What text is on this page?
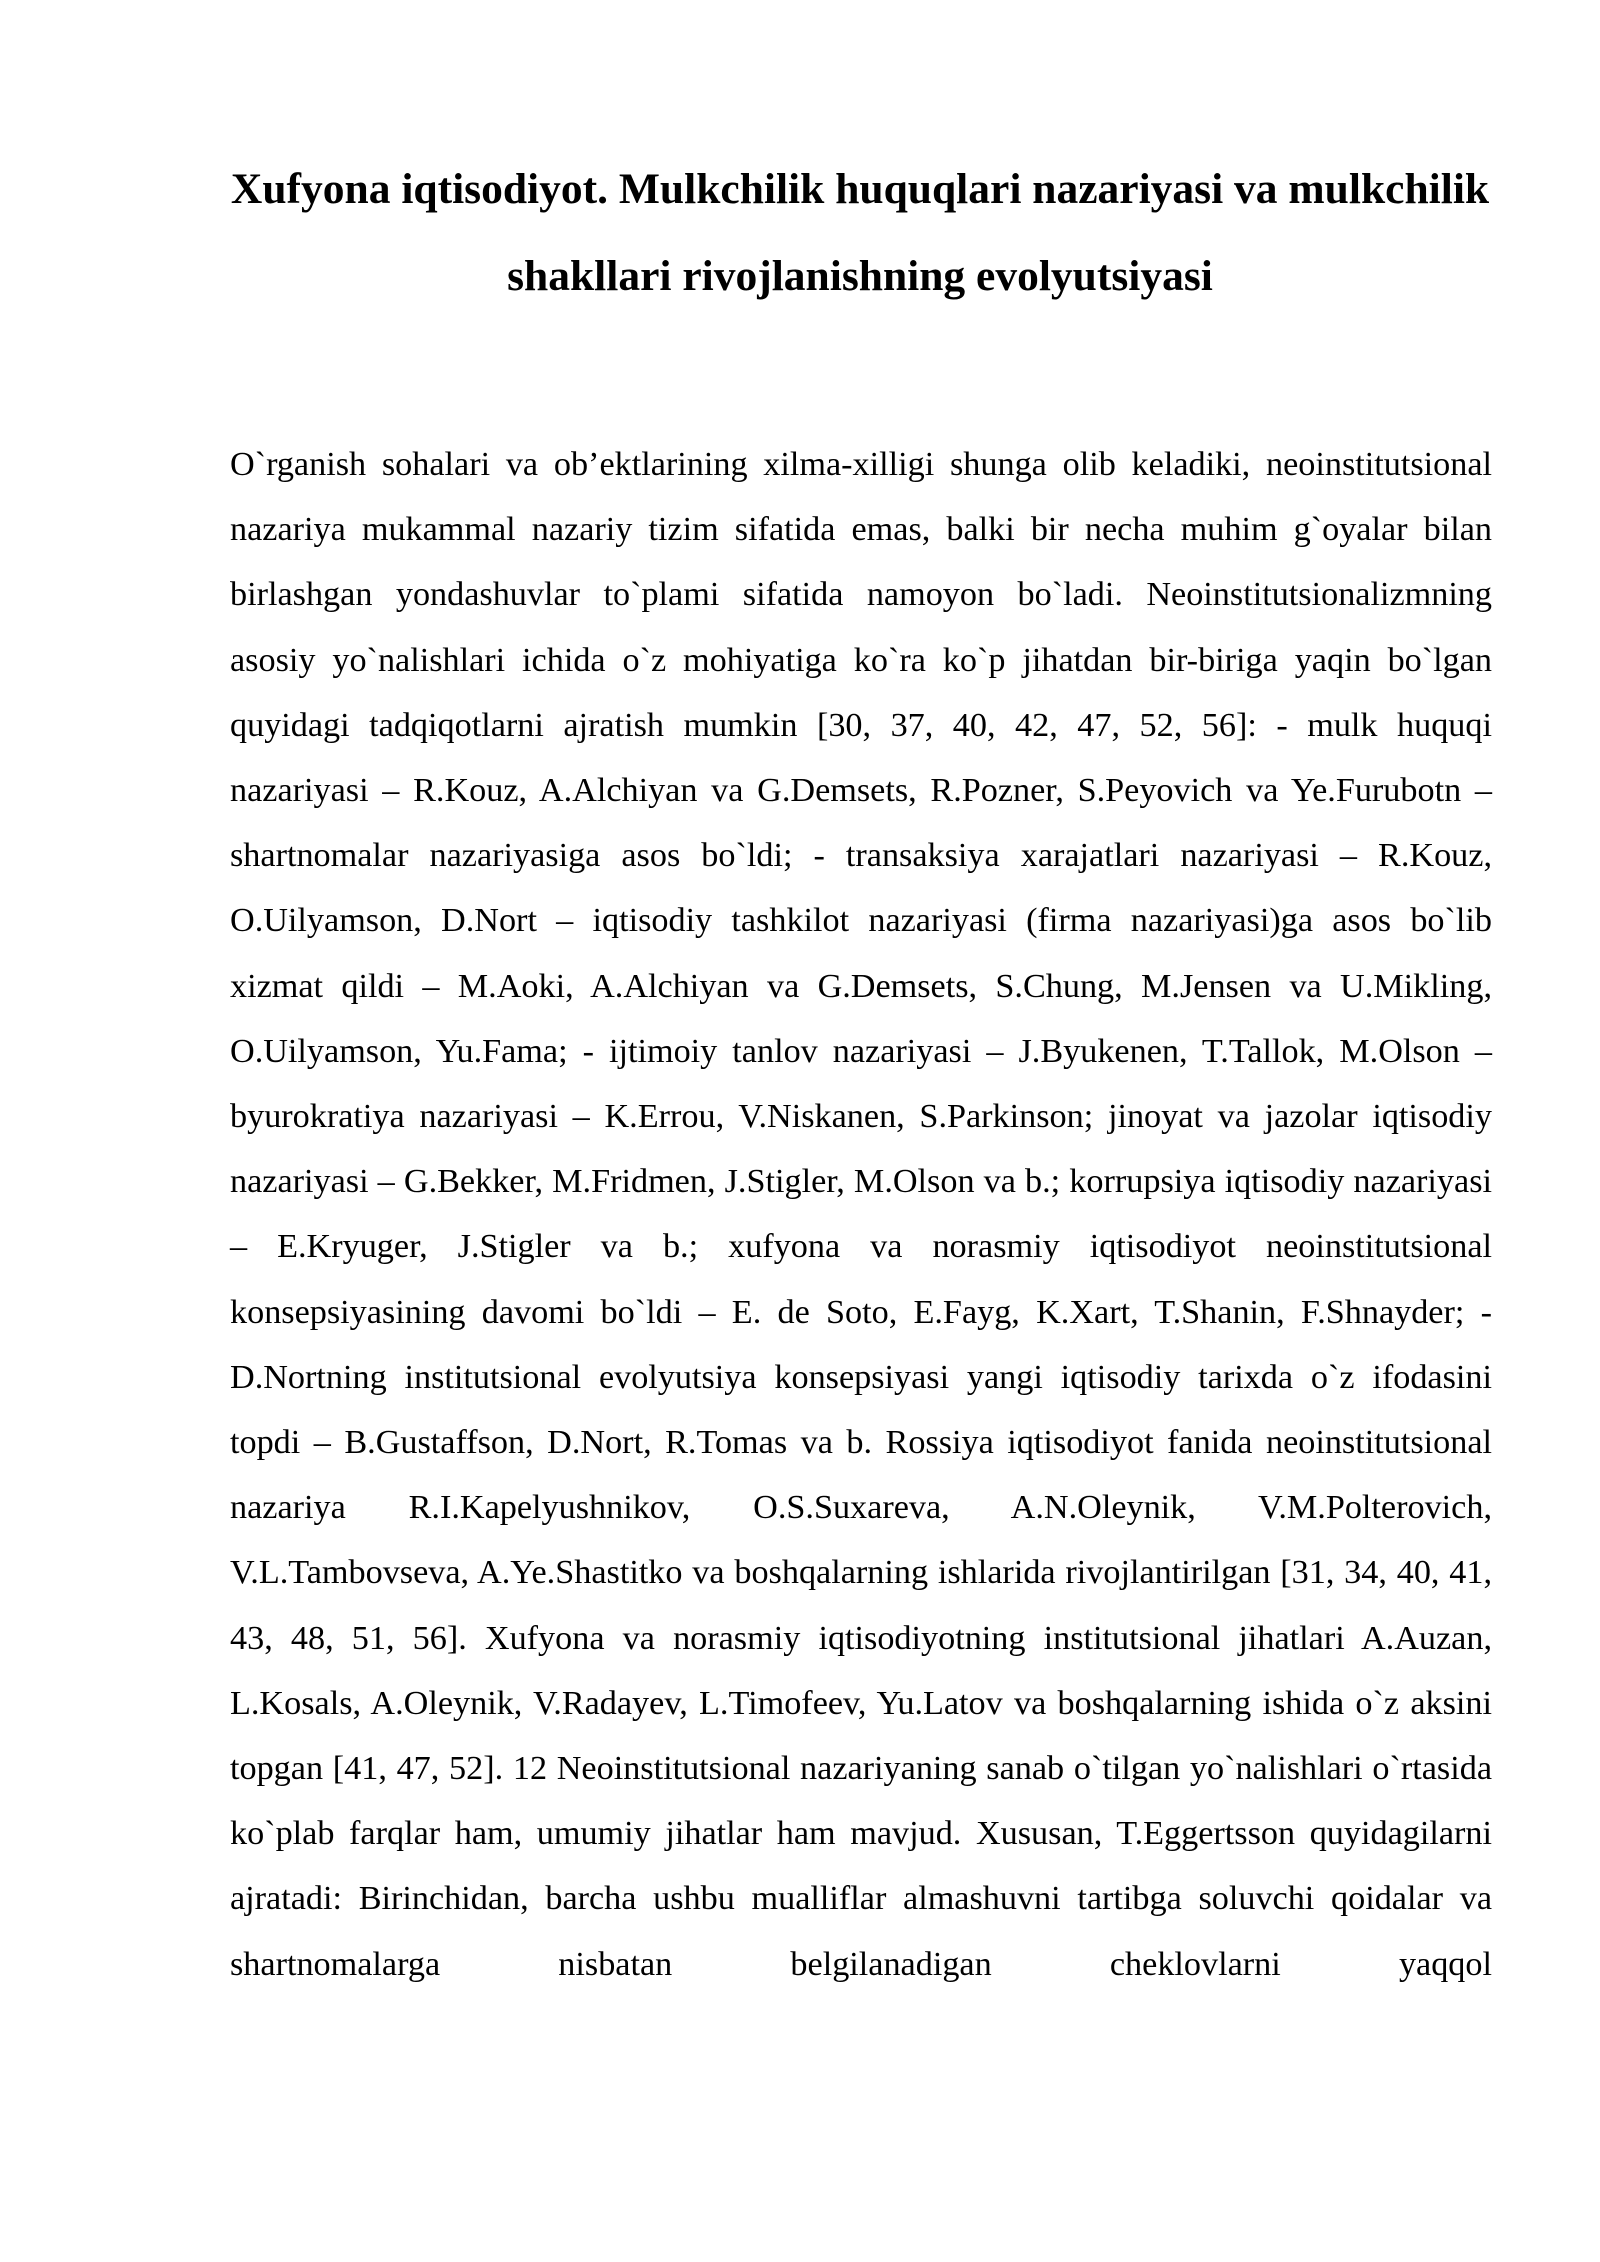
Xufyona iqtisodiyot. Mulkchilik huquqlari nazariyasi va mulkchilik shakllari rivojlanishning evolyutsiyasi

O`rganish sohalari va ob’ektlarining xilma-xilligi shunga olib keladiki, neoinstitutsional nazariya mukammal nazariy tizim sifatida emas, balki bir necha muhim g`oyalar bilan birlashgan yondashuvlar to`plami sifatida namoyon bo`ladi. Neoinstitutsionalizmning asosiy yo`nalishlari ichida o`z mohiyatiga ko`ra ko`p jihatdan bir-biriga yaqin bo`lgan quyidagi tadqiqotlarni ajratish mumkin [30, 37, 40, 42, 47, 52, 56]: - mulk huquqi nazariyasi – R.Kouz, A.Alchiyan va G.Demsets, R.Pozner, S.Peyovich va Ye.Furubotn – shartnomalar nazariyasiga asos bo`ldi; - transaksiya xarajatlari nazariyasi – R.Kouz, O.Uilyamson, D.Nort – iqtisodiy tashkilot nazariyasi (firma nazariyasi)ga asos bo`lib xizmat qildi – M.Aoki, A.Alchiyan va G.Demsets, S.Chung, M.Jensen va U.Mikling, O.Uilyamson, Yu.Fama; - ijtimoiy tanlov nazariyasi – J.Byukenen, T.Tallok, M.Olson – byurokratiya nazariyasi – K.Errou, V.Niskanen, S.Parkinson; jinoyat va jazolar iqtisodiy nazariyasi – G.Bekker, M.Fridmen, J.Stigler, M.Olson va b.; korrupsiya iqtisodiy nazariyasi – E.Kryuger, J.Stigler va b.; xufyona va norasmiy iqtisodiyot neoinstitutsional konsepsiyasining davomi bo`ldi – E. de Soto, E.Fayg, K.Xart, T.Shanin, F.Shnayder; - D.Nortning institutsional evolyutsiya konsepsiyasi yangi iqtisodiy tarixda o`z ifodasini topdi – B.Gustaffson, D.Nort, R.Tomas va b. Rossiya iqtisodiyot fanida neoinstitutsional nazariya R.I.Kapelyushnikov, O.S.Suxareva, A.N.Oleynik, V.M.Polterovich, V.L.Tambovseva, A.Ye.Shastitko va boshqalarning ishlarida rivojlantirilgan [31, 34, 40, 41, 43, 48, 51, 56]. Xufyona va norasmiy iqtisodiyotning institutsional jihatlari A.Auzan, L.Kosals, A.Oleynik, V.Radayev, L.Timofeev, Yu.Latov va boshqalarning ishida o`z aksini topgan [41, 47, 52]. 12 Neoinstitutsional nazariyaning sanab o`tilgan yo`nalishlari o`rtasida ko`plab farqlar ham, umumiy jihatlar ham mavjud. Xususan, T.Eggertsson quyidagilarni ajratadi: Birinchidan, barcha ushbu mualliflar almashuvni tartibga soluvchi qoidalar va shartnomalarga nisbatan belgilanadigan cheklovlarni yaqqol
